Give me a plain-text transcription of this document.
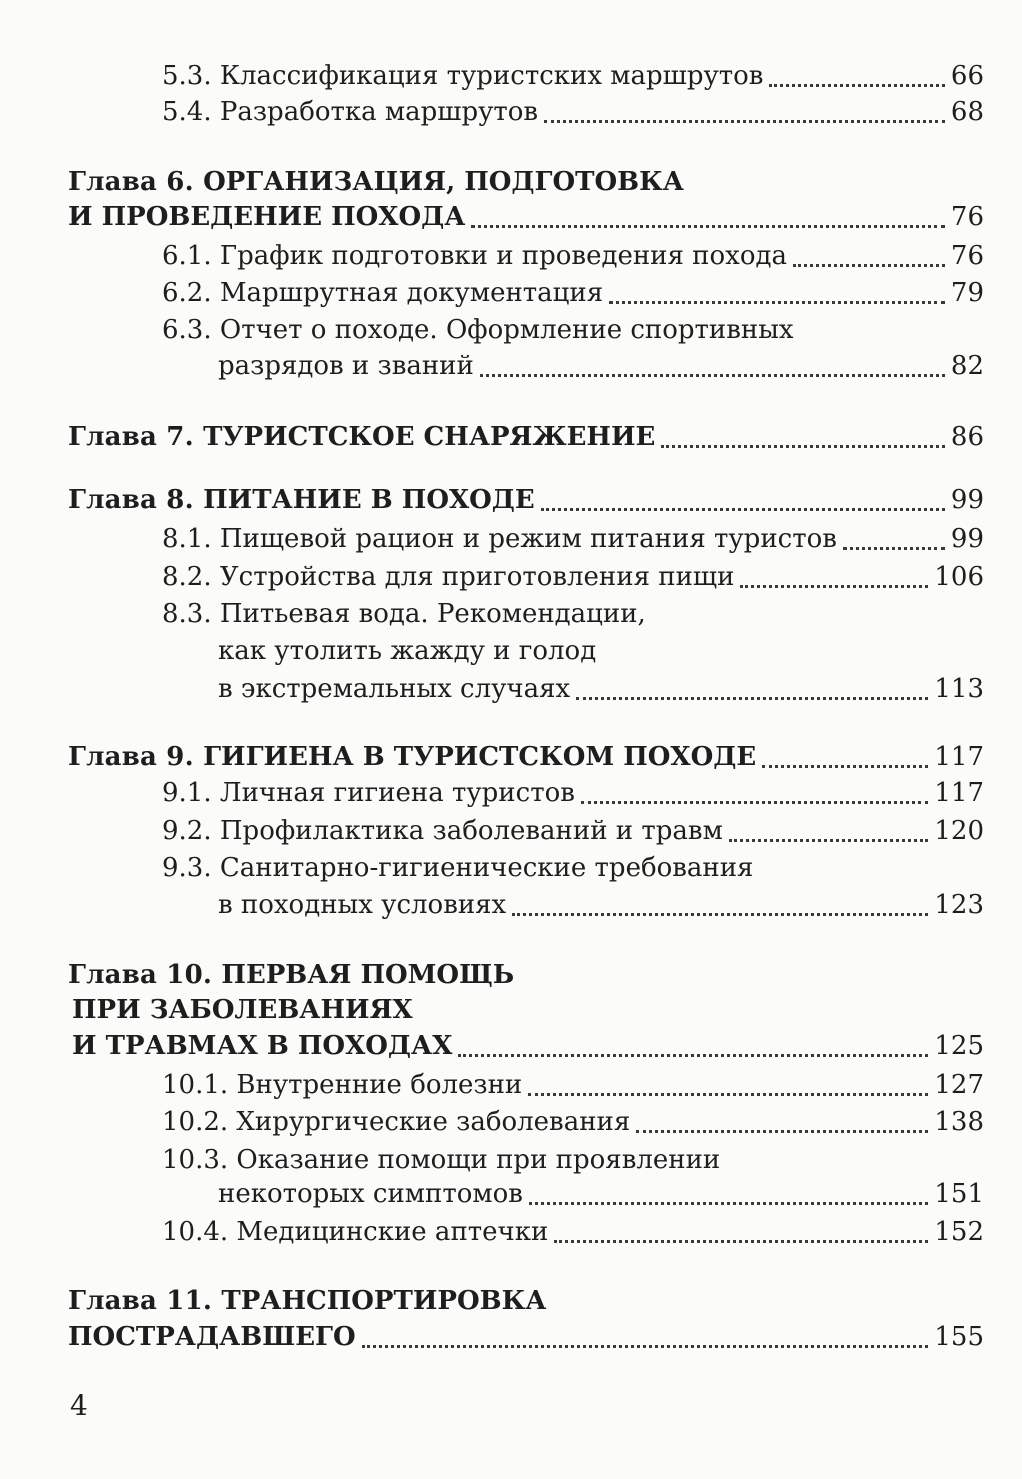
5.3. Классификация туристских маршрутов	66
5.4. Разработка маршрутов	68
Глава 6. ОРГАНИЗАЦИЯ, ПОДГОТОВКА
И ПРОВЕДЕНИЕ ПОХОДА	76
6.1. График подготовки и проведения похода	76
6.2. Маршрутная документация	79
6.3. Отчет о походе. Оформление спортивных
разрядов и званий	82
Глава 7. ТУРИСТСКОЕ СНАРЯЖЕНИЕ	86
Глава 8. ПИТАНИЕ В ПОХОДЕ	99
8.1. Пищевой рацион и режим питания туристов	99
8.2. Устройства для приготовления пищи	106
8.3. Питьевая вода. Рекомендации,
как утолить жажду и голод
в экстремальных случаях	113
Глава 9. ГИГИЕНА В ТУРИСТСКОМ ПОХОДЕ	117
9.1. Личная гигиена туристов	117
9.2. Профилактика заболеваний и травм	120
9.3. Санитарно-гигиенические требования
в походных условиях	123
Глава 10. ПЕРВАЯ ПОМОЩЬ
ПРИ ЗАБОЛЕВАНИЯХ
И ТРАВМАХ В ПОХОДАХ	125
10.1. Внутренние болезни	127
10.2. Хирургические заболевания	138
10.3. Оказание помощи при проявлении
некоторых симптомов	151
10.4. Медицинские аптечки	152
Глава 11. ТРАНСПОРТИРОВКА
ПОСТРАДАВШЕГО	155
4
